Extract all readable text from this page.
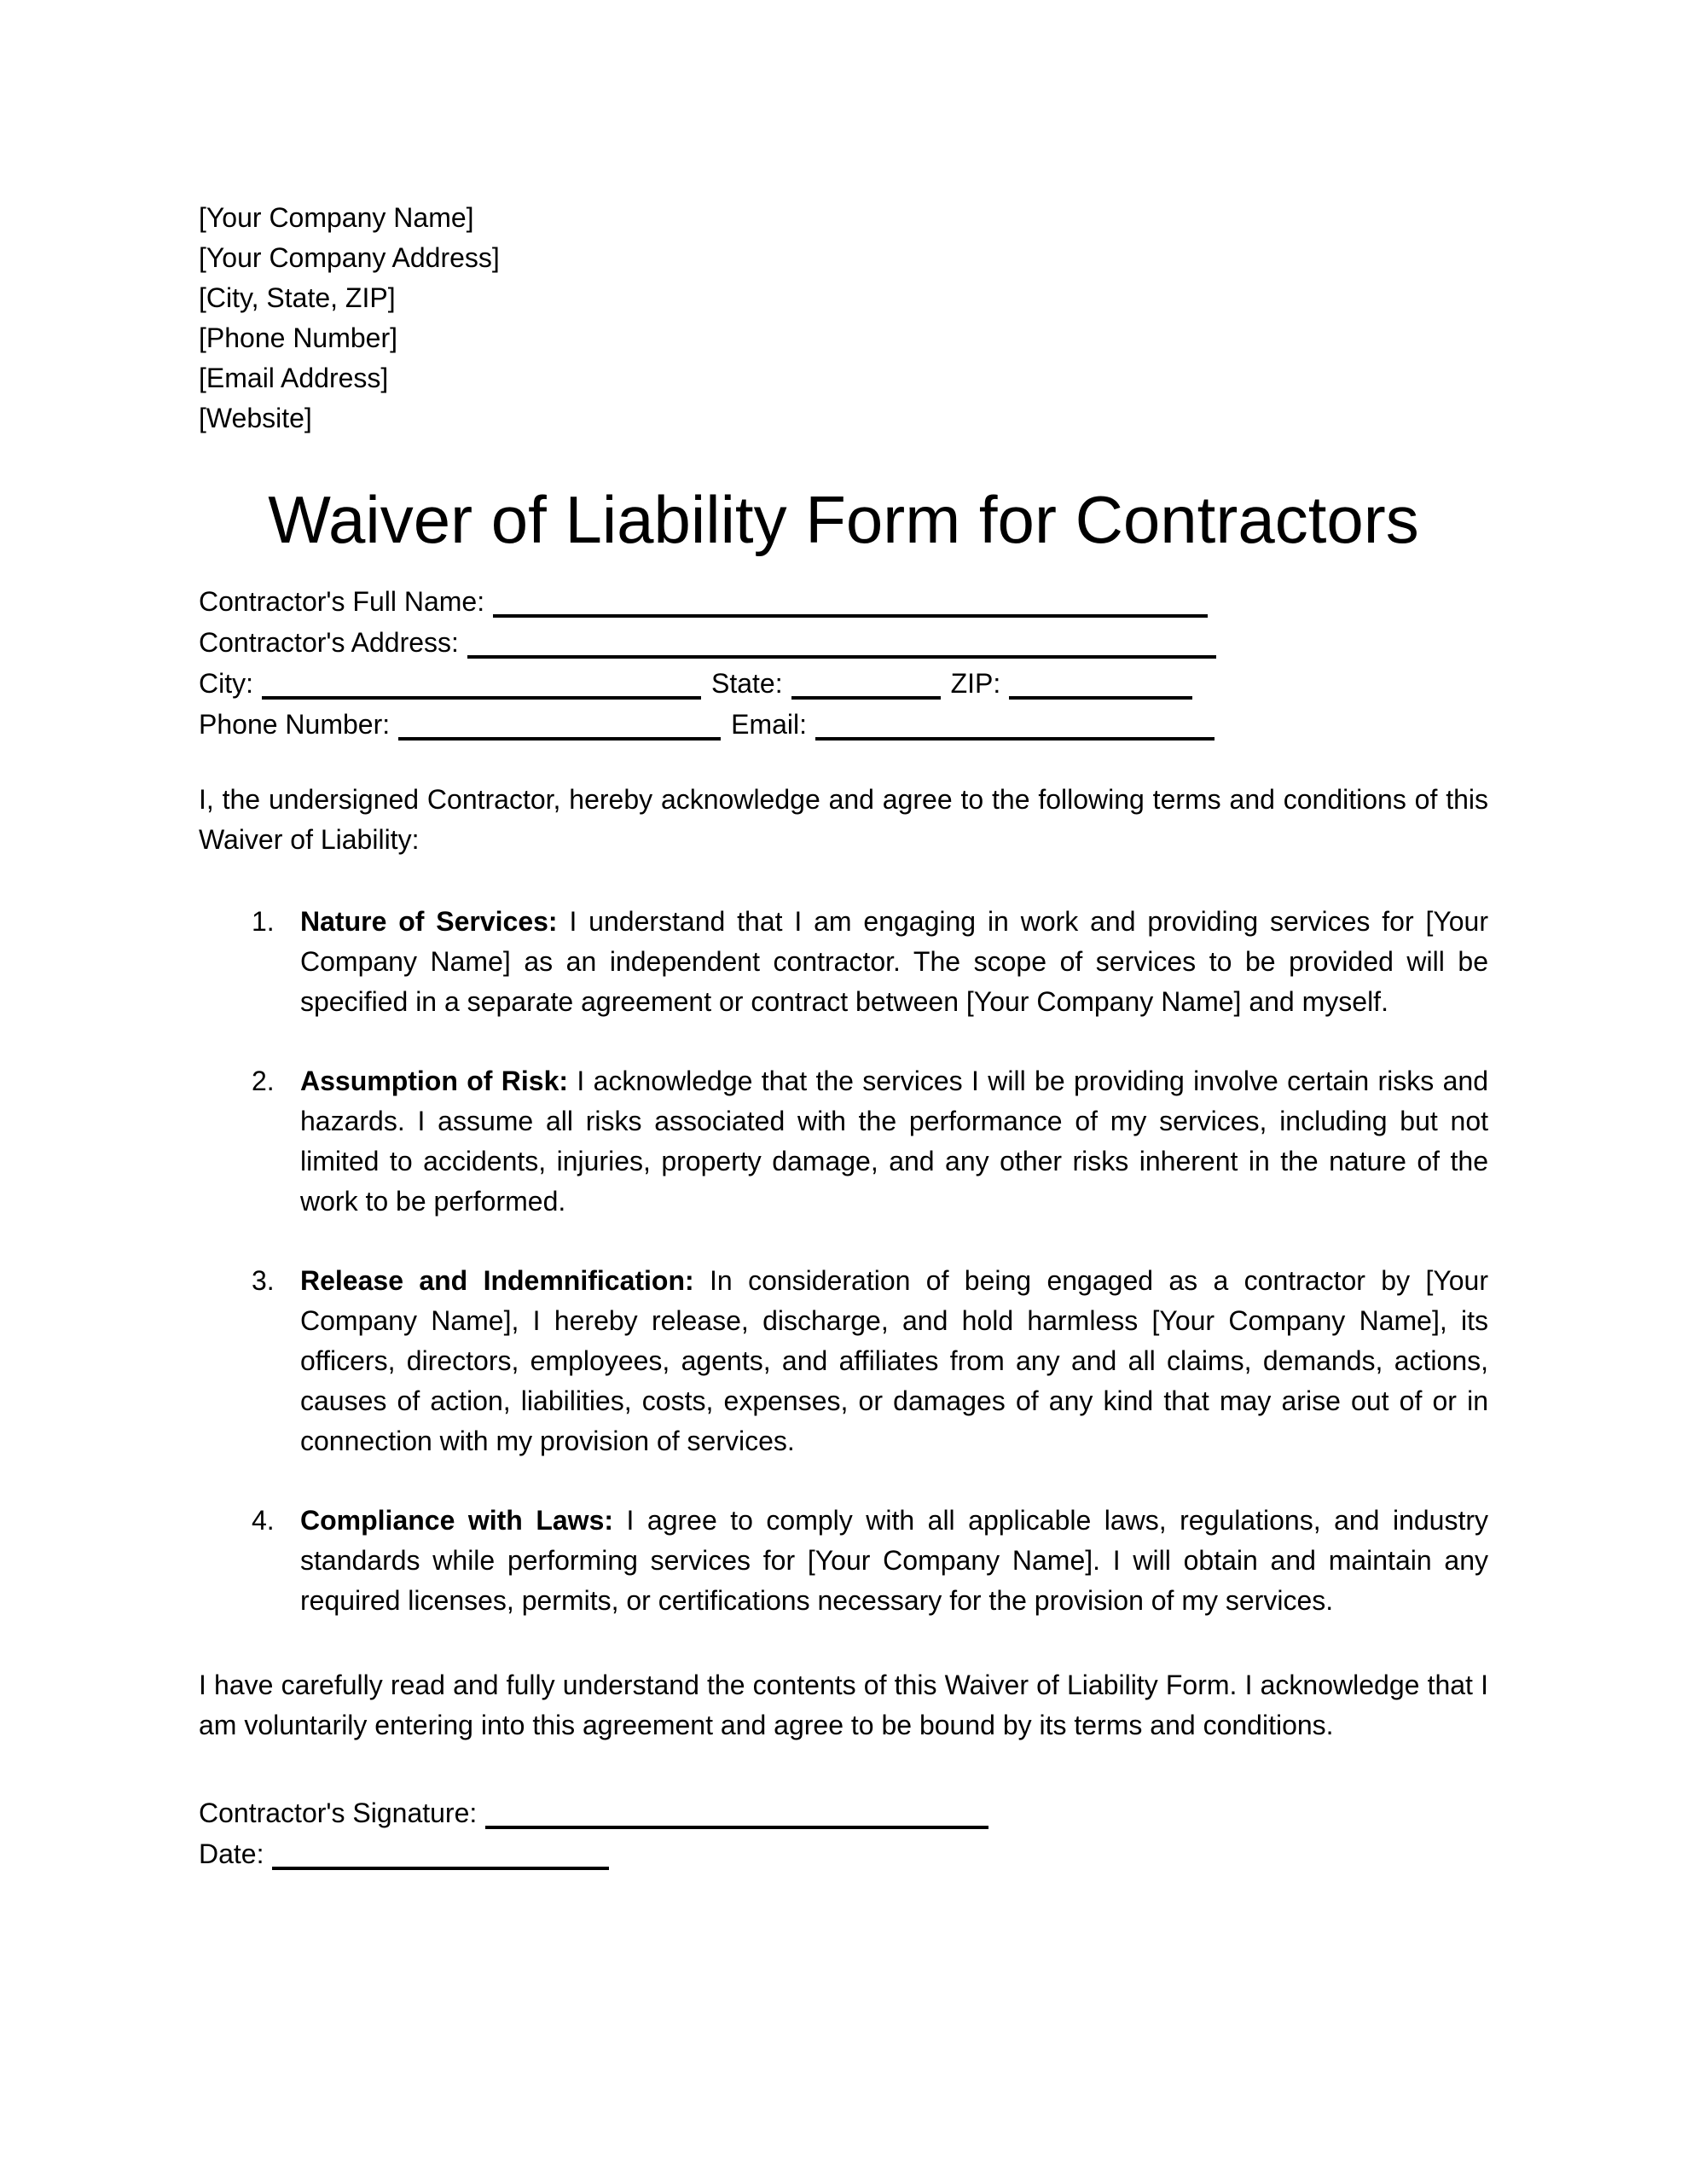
[Your Company Name]
[Your Company Address]
[City, State, ZIP]
[Phone Number]
[Email Address]
[Website]
Waiver of Liability Form for Contractors
Contractor's Full Name:
Contractor's Address:
City:	State:	ZIP:
Phone Number:	Email:

I, the undersigned Contractor, hereby acknowledge and agree to the following terms and conditions of this Waiver of Liability:

1. Nature of Services: I understand that I am engaging in work and providing services for [Your Company Name] as an independent contractor. The scope of services to be provided will be specified in a separate agreement or contract between [Your Company Name] and myself.
2. Assumption of Risk: I acknowledge that the services I will be providing involve certain risks and hazards. I assume all risks associated with the performance of my services, including but not limited to accidents, injuries, property damage, and any other risks inherent in the nature of the work to be performed.
3. Release and Indemnification: In consideration of being engaged as a contractor by [Your Company Name], I hereby release, discharge, and hold harmless [Your Company Name], its officers, directors, employees, agents, and affiliates from any and all claims, demands, actions, causes of action, liabilities, costs, expenses, or damages of any kind that may arise out of or in connection with my provision of services.
4. Compliance with Laws: I agree to comply with all applicable laws, regulations, and industry standards while performing services for [Your Company Name]. I will obtain and maintain any required licenses, permits, or certifications necessary for the provision of my services.

I have carefully read and fully understand the contents of this Waiver of Liability Form. I acknowledge that I am voluntarily entering into this agreement and agree to be bound by its terms and conditions.

Contractor's Signature:
Date:
